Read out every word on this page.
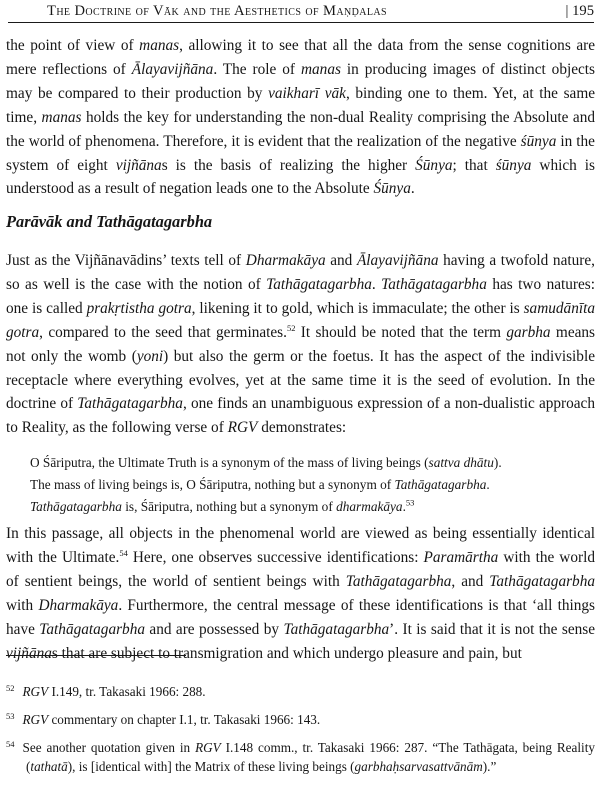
The Doctrine of Vāk and the Aesthetics of Maṇḍalas	| 195

the point of view of manas, allowing it to see that all the data from the sense cognitions are mere reflections of Ālayavijñāna. The role of manas in producing images of distinct objects may be compared to their production by vaikharī vāk, binding one to them. Yet, at the same time, manas holds the key for understanding the non-dual Reality comprising the Absolute and the world of phenomena. Therefore, it is evident that the realization of the negative śūnya in the system of eight vijñānas is the basis of realizing the higher Śūnya; that śūnya which is understood as a result of negation leads one to the Absolute Śūnya.

Parāvāk and Tathāgatagarbha

Just as the Vijñānavādins’ texts tell of Dharmakāya and Ālayavijñāna having a twofold nature, so as well is the case with the notion of Tathāgatagarbha. Tathāgatagarbha has two natures: one is called prakṛtistha gotra, likening it to gold, which is immaculate; the other is samudānīta gotra, compared to the seed that germinates.$^{52}$ It should be noted that the term garbha means not only the womb (yoni) but also the germ or the foetus. It has the aspect of the indivisible receptacle where everything evolves, yet at the same time it is the seed of evolution. In the doctrine of Tathāgatagarbha, one finds an unambiguous expression of a non-dualistic approach to Reality, as the following verse of RGV demonstrates:

O Śāriputra, the Ultimate Truth is a synonym of the mass of living beings (sattva dhātu).
The mass of living beings is, O Śāriputra, nothing but a synonym of Tathāgatagarbha.
Tathāgatagarbha is, Śāriputra, nothing but a synonym of dharmakāya.$^{53}$

In this passage, all objects in the phenomenal world are viewed as being essentially identical with the Ultimate.$^{54}$ Here, one observes successive identifications: Paramārtha with the world of sentient beings, the world of sentient beings with Tathāgatagarbha, and Tathāgatagarbha with Dharmakāya. Furthermore, the central message of these identifications is that ‘all things have Tathāgatagarbha and are possessed by Tathāgatagarbha’. It is said that it is not the sense vijñānas that are subject to transmigration and which undergo pleasure and pain, but

$^{52}$ RGV I.149, tr. Takasaki 1966: 288.

$^{53}$ RGV commentary on chapter I.1, tr. Takasaki 1966: 143.

$^{54}$ See another quotation given in RGV I.148 comm., tr. Takasaki 1966: 287. “The Tathāgata, being Reality (tathatā), is [identical with] the Matrix of these living beings (garbhaḥsarvasattvānām).”
